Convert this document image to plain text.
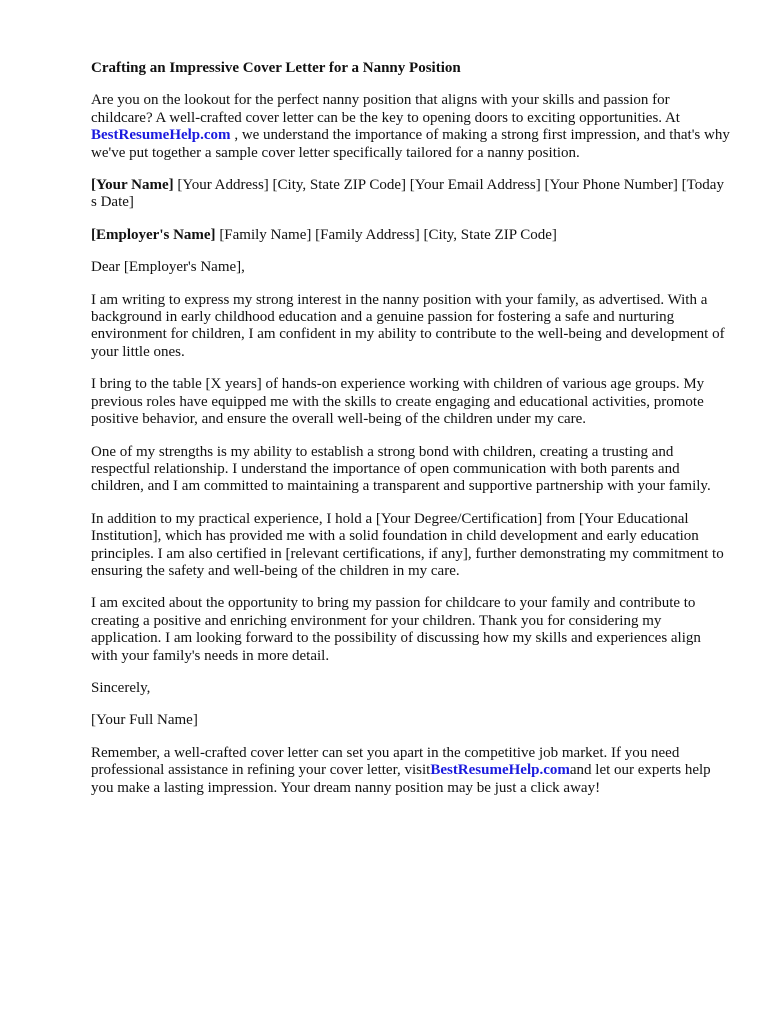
Crafting an Impressive Cover Letter for a Nanny Position

Are you on the lookout for the perfect nanny position that aligns with your skills and passion for childcare? A well-crafted cover letter can be the key to opening doors to exciting opportunities. At BestResumeHelp.com , we understand the importance of making a strong first impression, and that's why we've put together a sample cover letter specifically tailored for a nanny position.

[Your Name] [Your Address] [City, State ZIP Code] [Your Email Address] [Your Phone Number] [Today s Date]

[Employer's Name] [Family Name] [Family Address] [City, State ZIP Code]

Dear [Employer's Name],

I am writing to express my strong interest in the nanny position with your family, as advertised. With a background in early childhood education and a genuine passion for fostering a safe and nurturing environment for children, I am confident in my ability to contribute to the well-being and development of your little ones.

I bring to the table [X years] of hands-on experience working with children of various age groups. My previous roles have equipped me with the skills to create engaging and educational activities, promote positive behavior, and ensure the overall well-being of the children under my care.

One of my strengths is my ability to establish a strong bond with children, creating a trusting and respectful relationship. I understand the importance of open communication with both parents and children, and I am committed to maintaining a transparent and supportive partnership with your family.

In addition to my practical experience, I hold a [Your Degree/Certification] from [Your Educational Institution], which has provided me with a solid foundation in child development and early education principles. I am also certified in [relevant certifications, if any], further demonstrating my commitment to ensuring the safety and well-being of the children in my care.

I am excited about the opportunity to bring my passion for childcare to your family and contribute to creating a positive and enriching environment for your children. Thank you for considering my application. I am looking forward to the possibility of discussing how my skills and experiences align with your family's needs in more detail.

Sincerely,

[Your Full Name]

Remember, a well-crafted cover letter can set you apart in the competitive job market. If you need professional assistance in refining your cover letter, visitBestResumeHelp.comand let our experts help you make a lasting impression. Your dream nanny position may be just a click away!
